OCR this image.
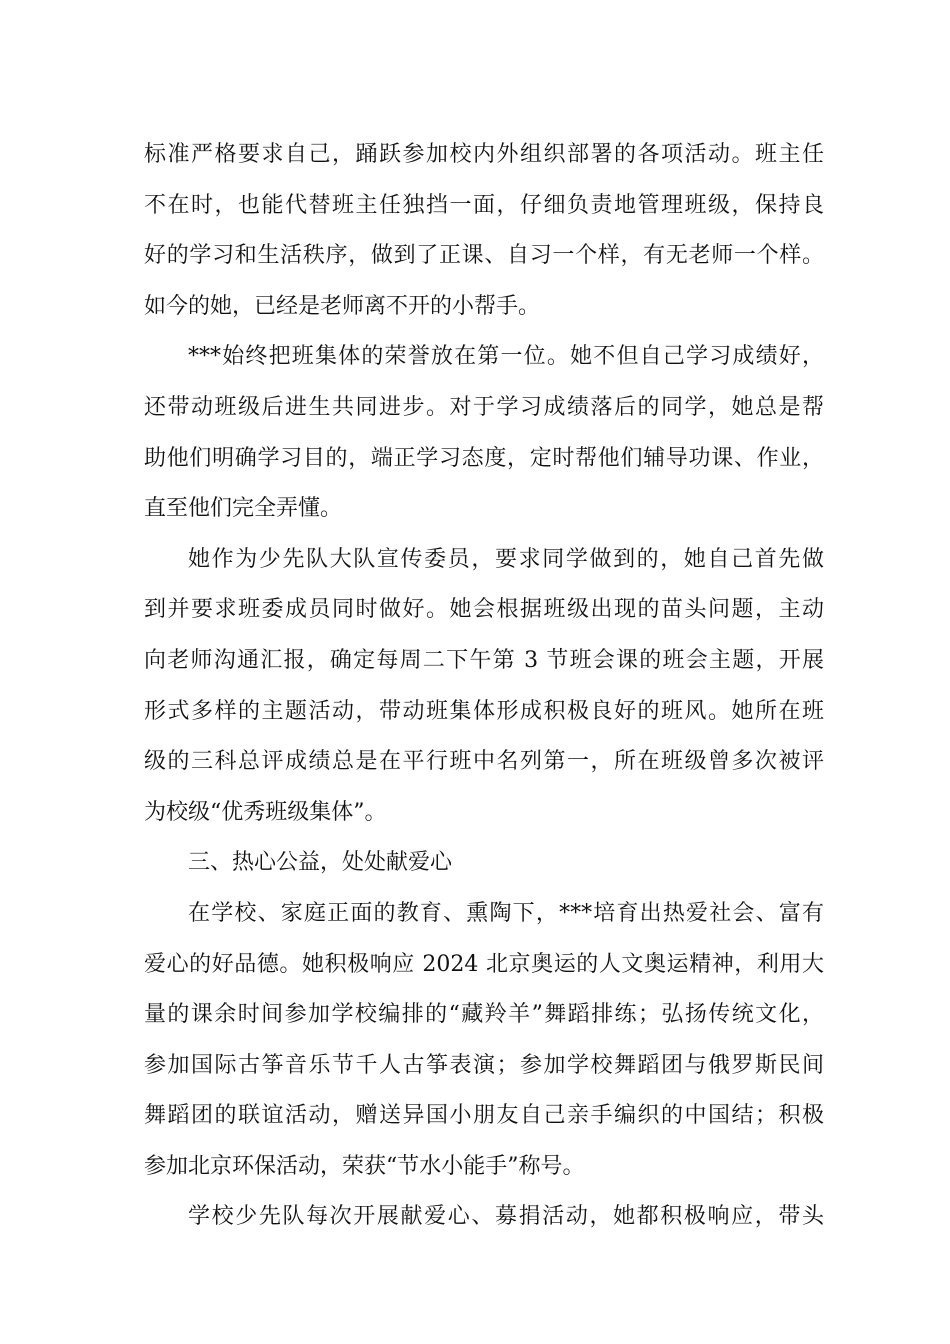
标准严格要求自己，踊跃参加校内外组织部署的各项活动。班主任
不在时，也能代替班主任独挡一面，仔细负责地管理班级，保持良
好的学习和生活秩序，做到了正课、自习一个样，有无老师一个样。
如今的她，已经是老师离不开的小帮手。
***始终把班集体的荣誉放在第一位。她不但自己学习成绩好，
还带动班级后进生共同进步。对于学习成绩落后的同学，她总是帮
助他们明确学习目的，端正学习态度，定时帮他们辅导功课、作业，
直至他们完全弄懂。
她作为少先队大队宣传委员，要求同学做到的，她自己首先做
到并要求班委成员同时做好。她会根据班级出现的苗头问题，主动
向老师沟通汇报，确定每周二下午第 3 节班会课的班会主题，开展
形式多样的主题活动，带动班集体形成积极良好的班风。她所在班
级的三科总评成绩总是在平行班中名列第一，所在班级曾多次被评
为校级“优秀班级集体”。
三、热心公益，处处献爱心
在学校、家庭正面的教育、熏陶下，***培育出热爱社会、富有
爱心的好品德。她积极响应 2024 北京奥运的人文奥运精神，利用大
量的课余时间参加学校编排的“藏羚羊”舞蹈排练；弘扬传统文化，
参加国际古筝音乐节千人古筝表演；参加学校舞蹈团与俄罗斯民间
舞蹈团的联谊活动，赠送异国小朋友自己亲手编织的中国结；积极
参加北京环保活动，荣获“节水小能手”称号。
学校少先队每次开展献爱心、募捐活动，她都积极响应，带头
